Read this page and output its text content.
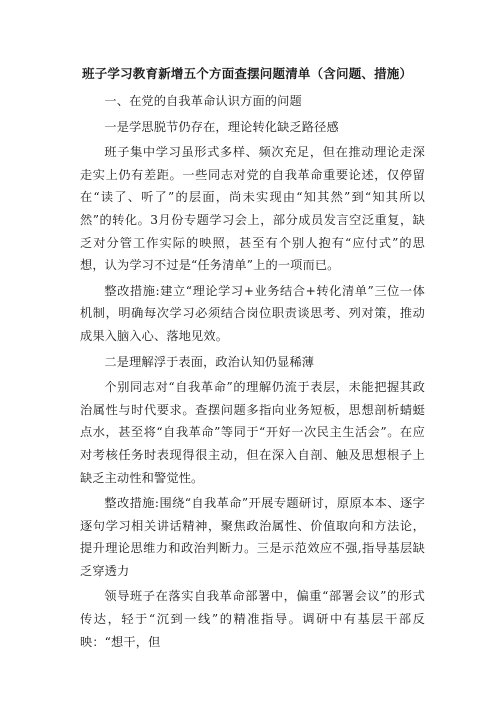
班子学习教育新增五个方面查摆问题清单（含问题、措施）
一、在党的自我革命认识方面的问题
一是学思脱节仍存在，理论转化缺乏路径感

班子集中学习虽形式多样、频次充足，但在推动理论走深走实上仍有差距。一些同志对党的自我革命重要论述，仅停留在“读了、听了”的层面，尚未实现由“知其然”到“知其所以然”的转化。3月份专题学习会上，部分成员发言空泛重复，缺乏对分管工作实际的映照，甚至有个别人抱有“应付式”的思想，认为学习不过是“任务清单”上的一项而已。

整改措施:建立“理论学习+业务结合+转化清单”三位一体机制，明确每次学习必须结合岗位职责谈思考、列对策，推动成果入脑入心、落地见效。

二是理解浮于表面，政治认知仍显稀薄

个别同志对“自我革命”的理解仍流于表层，未能把握其政治属性与时代要求。查摆问题多指向业务短板，思想剖析蜻蜓点水，甚至将“自我革命”等同于“开好一次民主生活会”。在应对考核任务时表现得很主动，但在深入自剖、触及思想根子上缺乏主动性和警觉性。

整改措施:围绕“自我革命”开展专题研讨，原原本本、逐字逐句学习相关讲话精神，聚焦政治属性、价值取向和方法论，提升理论思维力和政治判断力。三是示范效应不强,指导基层缺乏穿透力

领导班子在落实自我革命部署中，偏重“部署会议”的形式传达，轻于“沉到一线”的精准指导。调研中有基层干部反映：“想干，但
